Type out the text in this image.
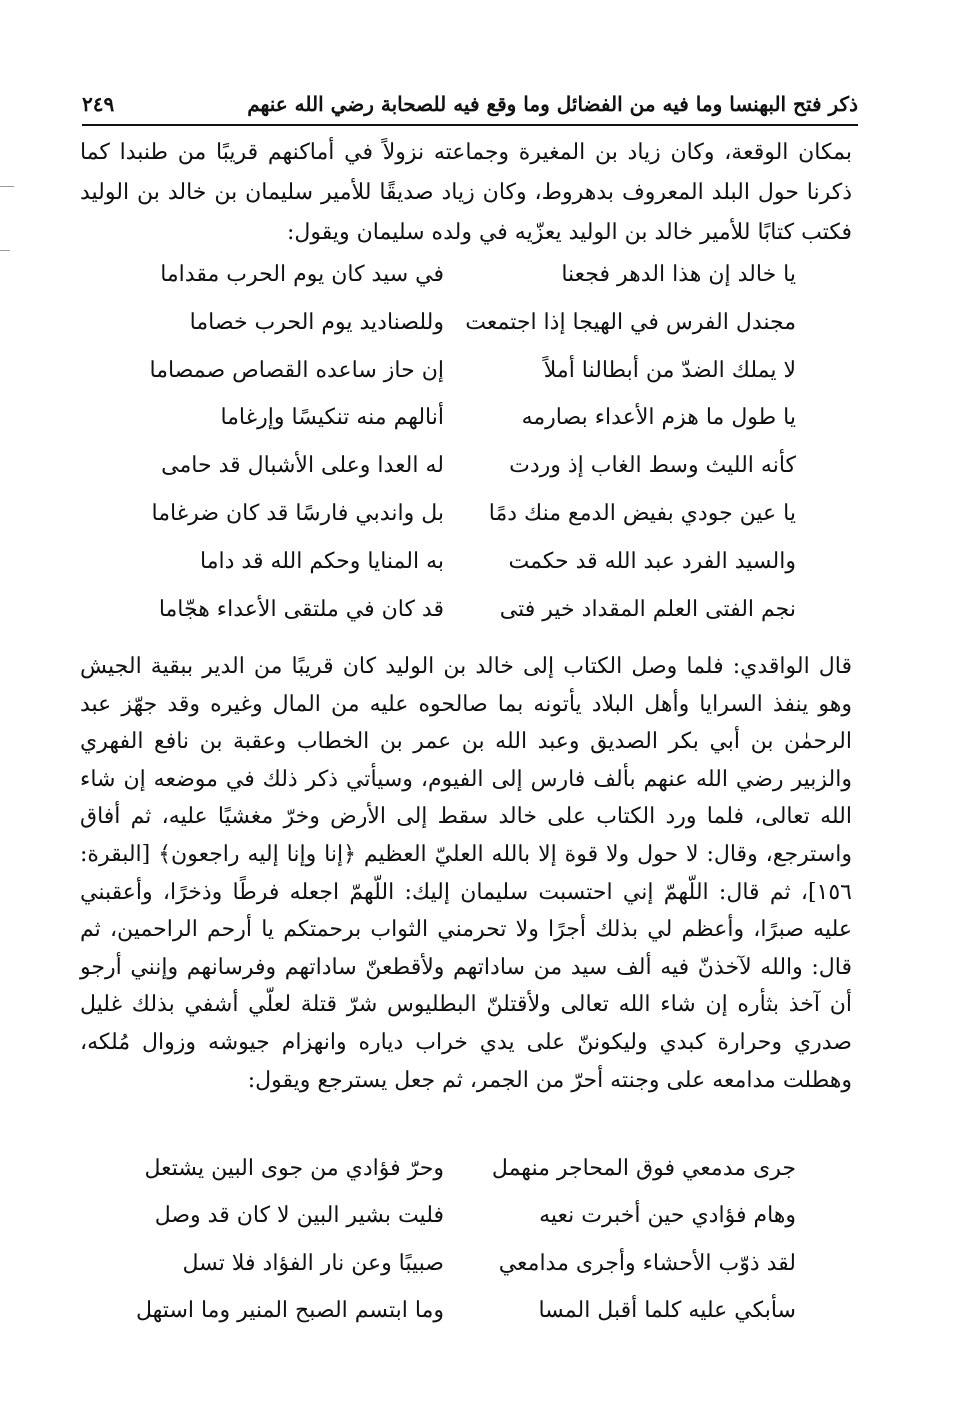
ذكر فتح البهنسا وما فيه من الفضائل وما وقع فيه للصحابة رضي الله عنهم
٢٤٩
بمكان الوقعة، وكان زياد بن المغيرة وجماعته نزولاً في أماكنهم قريبًا من طنبدا كما ذكرنا حول البلد المعروف بدهروط، وكان زياد صديقًا للأمير سليمان بن خالد بن الوليد فكتب كتابًا للأمير خالد بن الوليد يعزّيه في ولده سليمان ويقول:
يا خالد إن هذا الدهر فجعنا
في سيد كان يوم الحرب مقداما
مجندل الفرس في الهيجا إذا اجتمعت
وللصناديد يوم الحرب خصاما
لا يملك الضدّ من أبطالنا أملاً
إن حاز ساعده القصاص صمصاما
يا طول ما هزم الأعداء بصارمه
أنالهم منه تنكيسًا وإرغاما
كأنه الليث وسط الغاب إذ وردت
له العدا وعلى الأشبال قد حامى
يا عين جودي بفيض الدمع منك دمًا
بل واندبي فارسًا قد كان ضرغاما
والسيد الفرد عبد الله قد حكمت
به المنايا وحكم الله قد داما
نجم الفتى العلم المقداد خير فتى
قد كان في ملتقى الأعداء هجّاما
قال الواقدي: فلما وصل الكتاب إلى خالد بن الوليد كان قريبًا من الدير ببقية الجيش وهو ينفذ السرايا وأهل البلاد يأتونه بما صالحوه عليه من المال وغيره وقد جهّز عبد الرحمٰن بن أبي بكر الصديق وعبد الله بن عمر بن الخطاب وعقبة بن نافع الفهري والزبير رضي الله عنهم بألف فارس إلى الفيوم، وسيأتي ذكر ذلك في موضعه إن شاء الله تعالى، فلما ورد الكتاب على خالد سقط إلى الأرض وخرّ مغشيًا عليه، ثم أفاق واسترجع، وقال: لا حول ولا قوة إلا بالله العليّ العظيم ﴿إنا وإنا إليه راجعون﴾ [البقرة: ١٥٦]، ثم قال: اللّهمّ إني احتسبت سليمان إليك: اللّهمّ اجعله فرطًا وذخرًا، وأعقبني عليه صبرًا، وأعظم لي بذلك أجرًا ولا تحرمني الثواب برحمتكم يا أرحم الراحمين، ثم قال: والله لآخذنّ فيه ألف سيد من ساداتهم ولأقطعنّ ساداتهم وفرسانهم وإنني أرجو أن آخذ بثأره إن شاء الله تعالى ولأقتلنّ البطليوس شرّ قتلة لعلّي أشفي بذلك غليل صدري وحرارة كبدي وليكوننّ على يدي خراب دياره وانهزام جيوشه وزوال مُلكه، وهطلت مدامعه على وجنته أحرّ من الجمر، ثم جعل يسترجع ويقول:
جرى مدمعي فوق المحاجر منهمل
وحرّ فؤادي من جوى البين يشتعل
وهام فؤادي حين أخبرت نعيه
فليت بشير البين لا كان قد وصل
لقد ذوّب الأحشاء وأجرى مدامعي
صبيبًا وعن نار الفؤاد فلا تسل
سأبكي عليه كلما أقبل المسا
وما ابتسم الصبح المنير وما استهل
